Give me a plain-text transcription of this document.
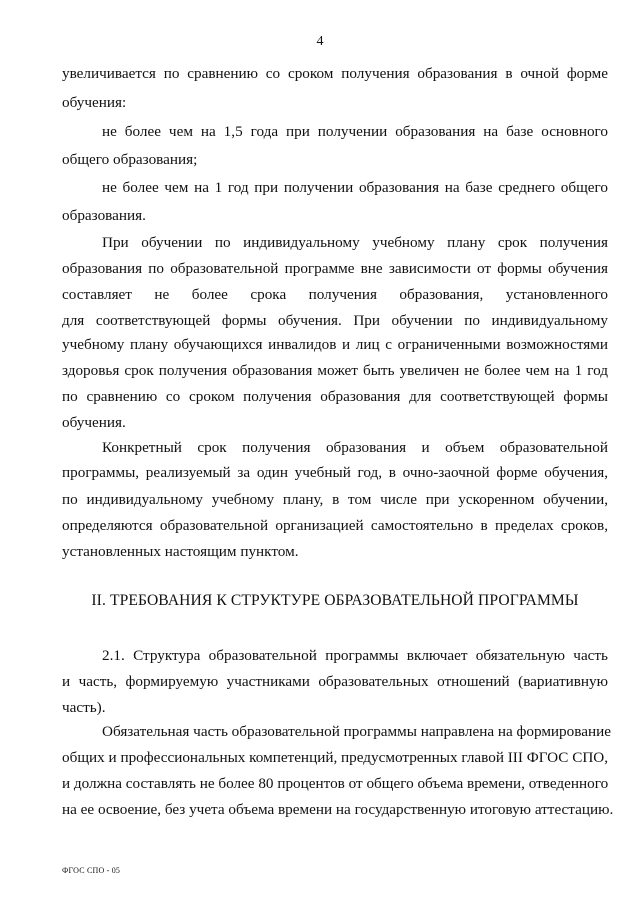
4
увеличивается по сравнению со сроком получения образования в очной форме
обучения:
не более чем на 1,5 года при получении образования на базе основного
общего образования;
не более чем на 1 год при получении образования на базе среднего общего
образования.
При обучении по индивидуальному учебному плану срок получения
образования по образовательной программе вне зависимости от формы обучения
составляет не более срока получения образования, установленного
для соответствующей формы обучения. При обучении по индивидуальному
учебному плану обучающихся инвалидов и лиц с ограниченными возможностями
здоровья срок получения образования может быть увеличен не более чем на 1 год
по сравнению со сроком получения образования для соответствующей формы
обучения.
Конкретный срок получения образования и объем образовательной
программы, реализуемый за один учебный год, в очно-заочной форме обучения,
по индивидуальному учебному плану, в том числе при ускоренном обучении,
определяются образовательной организацией самостоятельно в пределах сроков,
установленных настоящим пунктом.
II. ТРЕБОВАНИЯ К СТРУКТУРЕ ОБРАЗОВАТЕЛЬНОЙ ПРОГРАММЫ
2.1. Структура образовательной программы включает обязательную часть
и часть, формируемую участниками образовательных отношений (вариативную
часть).
Обязательная часть образовательной программы направлена на формирование
общих и профессиональных компетенций, предусмотренных главой III ФГОС СПО,
и должна составлять не более 80 процентов от общего объема времени, отведенного
на ее освоение, без учета объема времени на государственную итоговую аттестацию.
ФГОС СПО - 05
